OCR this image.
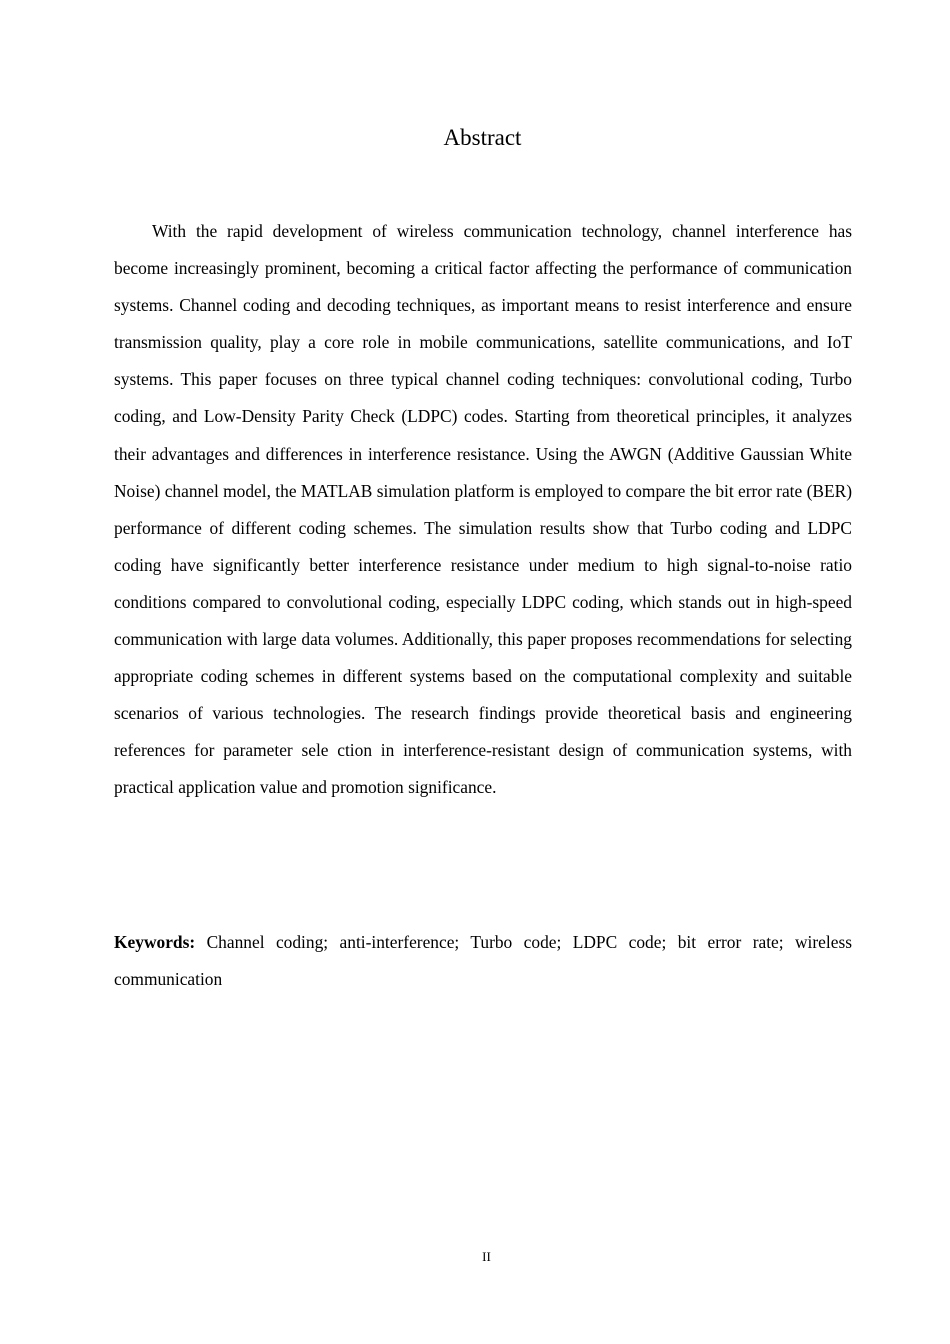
Abstract

With the rapid development of wireless communication technology, channel interference has become increasingly prominent, becoming a critical factor affecting the performance of communication systems. Channel coding and decoding techniques, as important means to resist interference and ensure transmission quality, play a core role in mobile communications, satellite communications, and IoT systems. This paper focuses on three typical channel coding techniques: convolutional coding, Turbo coding, and Low-Density Parity Check (LDPC) codes. Starting from theoretical principles, it analyzes their advantages and differences in interference resistance. Using the AWGN (Additive Gaussian White Noise) channel model, the MATLAB simulation platform is employed to compare the bit error rate (BER) performance of different coding schemes. The simulation results show that Turbo coding and LDPC coding have significantly better interference resistance under medium to high signal-to-noise ratio conditions compared to convolutional coding, especially LDPC coding, which stands out in high-speed communication with large data volumes. Additionally, this paper proposes recommendations for selecting appropriate coding schemes in different systems based on the computational complexity and suitable scenarios of various technologies. The research findings provide theoretical basis and engineering references for parameter sele ction in interference-resistant design of communication systems, with practical application value and promotion significance.

Keywords: Channel coding; anti-interference; Turbo code; LDPC code; bit error rate; wireless communication

II
